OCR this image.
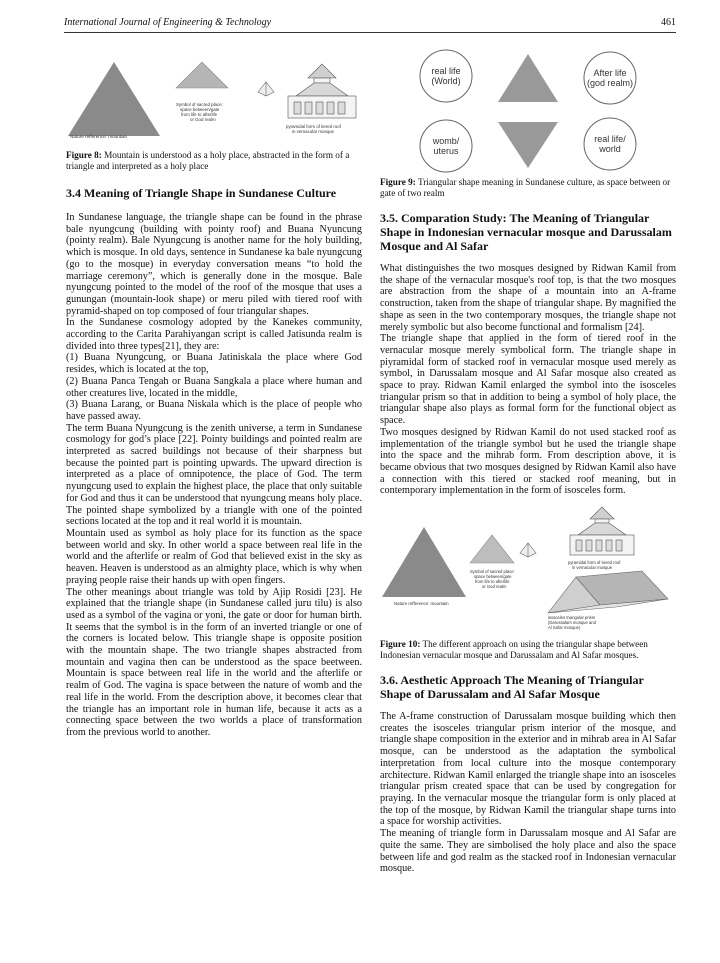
International Journal of Engineering & Technology	461
Nature refference: mountain
Symbol of sacred place:
space between/gate
from life to afterlife
or God realm
pyramidal form of tiered roof
in vernacular mosque

Figure 8: Mountain is understood as a holy place, abstracted in the form of a triangle and interpreted as a holy place

3.4 Meaning of Triangle Shape in Sundanese Culture

In Sundanese language, the triangle shape can be found in the phrase bale nyungcung (building with pointy roof) and Buana Nyuncung (pointy realm). Bale Nyungcung is another name for the holy building, which is mosque. In old days, sentence in Sundanese ka bale nyungcung (go to the mosque) in everyday conversation means “to hold the marriage ceremony”, which is generally done in the mosque. Bale nyungcung pointed to the model of the roof of the mosque that uses a gunungan (mountain-look shape) or meru piled with tiered roof with pyramid-shaped on top composed of four triangular shapes.

In the Sundanese cosmology adopted by the Kanekes community, according to the Carita Parahiyangan script is called Jatisunda realm is divided into three types[21], they are:

(1) Buana Nyungcung, or Buana Jatiniskala the place where God resides, which is located at the top,

(2) Buana Panca Tengah or Buana Sangkala a place where human and other creatures live, located in the middle,

(3) Buana Larang, or Buana Niskala which is the place of people who have passed away.

The term Buana Nyungcung is the zenith universe, a term in Sundanese cosmology for god’s place [22]. Pointy buildings and pointed realm are interpreted as sacred buildings not because of their sharpness but because the pointed part is pointing upwards. The upward direction is interpreted as a place of omnipotence, the place of God. The term nyungcung used to explain the highest place, the place that only suitable for God and thus it can be understood that nyungcung means holy place. The pointed shape symbolized by a triangle with one of the pointed sections located at the top and it real world it is mountain.

Mountain used as symbol as holy place for its function as the space between world and sky. In other world a space between real life in the world and the afterlife or realm of God that believed exist in the sky as heaven. Heaven is understood as an almighty place, which is why when praying people raise their hands up with open fingers.

The other meanings about triangle was told by Ajip Rosidi [23]. He explained that the triangle shape (in Sundanese called juru tilu) is also used as a symbol of the vagina or yoni, the gate or door for human birth. It seems that the symbol is in the form of an inverted triangle or one of the corners is located below. This triangle shape is opposite position with the mountain shape. The two triangle shapes abstracted from mountain and vagina then can be understood as the space beetween. Mountain is space between real life in the world and the afterlife or realm of God. The vagina is space between the nature of womb and the real life in the world. From the description above, it becomes clear that the triangle has an important role in human life, because it acts as a connecting space between the two worlds a place of transformation from the previous world to another.

real life
(World)
After life
(god realm)
womb/
uterus
real life/
world

Figure 9: Triangular shape meaning in Sundanese culture, as space between or gate of two realm

3.5. Comparation Study: The Meaning of Triangular Shape in Indonesian vernacular mosque and Darussalam Mosque and Al Safar

What distinguishes the two mosques designed by Ridwan Kamil from the shape of the vernacular mosque's roof top, is that the two mosques are abstraction from the shape of a mountain into an A-frame construction, taken from the shape of triangular shape. By magnified the shape as seen in the two contemporary mosques, the triangle shape not merely symbolic but also become functional and formalism [24].

The triangle shape that applied in the form of tiered roof in the vernacular mosque merely symbolical form. The triangle shape in piyramidal form of stacked roof in vernacular mosque used merely as symbol, in Darussalam mosque and Al Safar mosque also created as space to pray. Ridwan Kamil enlarged the symbol into the isosceles triangular prism so that in addition to being a symbol of holy place, the triangular shape also plays as formal form for the functional object as space.

Two mosques designed by Ridwan Kamil do not used stacked roof as implementation of the triangle symbol but he used the triangle shape into the space and the mihrab form. From description above, it is became obvious that two mosques designed by Ridwan Kamil also have a connection with this tiered or stacked roof meaning, but in contemporary implementation in the form of isosceles form.

Nature refference: mountain
Symbol of sacred place:
space between/gate
from life to afterlife
or God realm
pyramidal form of tiered roof
in vernacular mosque
isosceles triangular prism
(Darussalam mosque and
Al Safar mosque)

Figure 10: The different approach on using the triangular shape between Indonesian vernacular mosque and Darussalam and Al Safar mosques.

3.6. Aesthetic Approach The Meaning of Triangular Shape of Darussalam and Al Safar Mosque

The A-frame construction of Darussalam mosque building which then creates the isosceles triangular prism interior of the mosque, and triangle shape composition in the exterior and in mihrab area in Al Safar mosque, can be understood as the adaptation the symbolical interpretation from local culture into the mosque contemporary architecture. Ridwan Kamil enlarged the triangle shape into an isosceles triangular prism created space that can be used by congregation for praying. In the vernacular mosque the triangular form is only placed at the top of the mosque, by Ridwan Kamil the triangular shape turns into a space for worship activities.

The meaning of triangle form in Darussalam mosque and Al Safar are quite the same. They are simbolised the holy place and also the space between life and god realm as the stacked roof in Indonesian vernacular mosque.
